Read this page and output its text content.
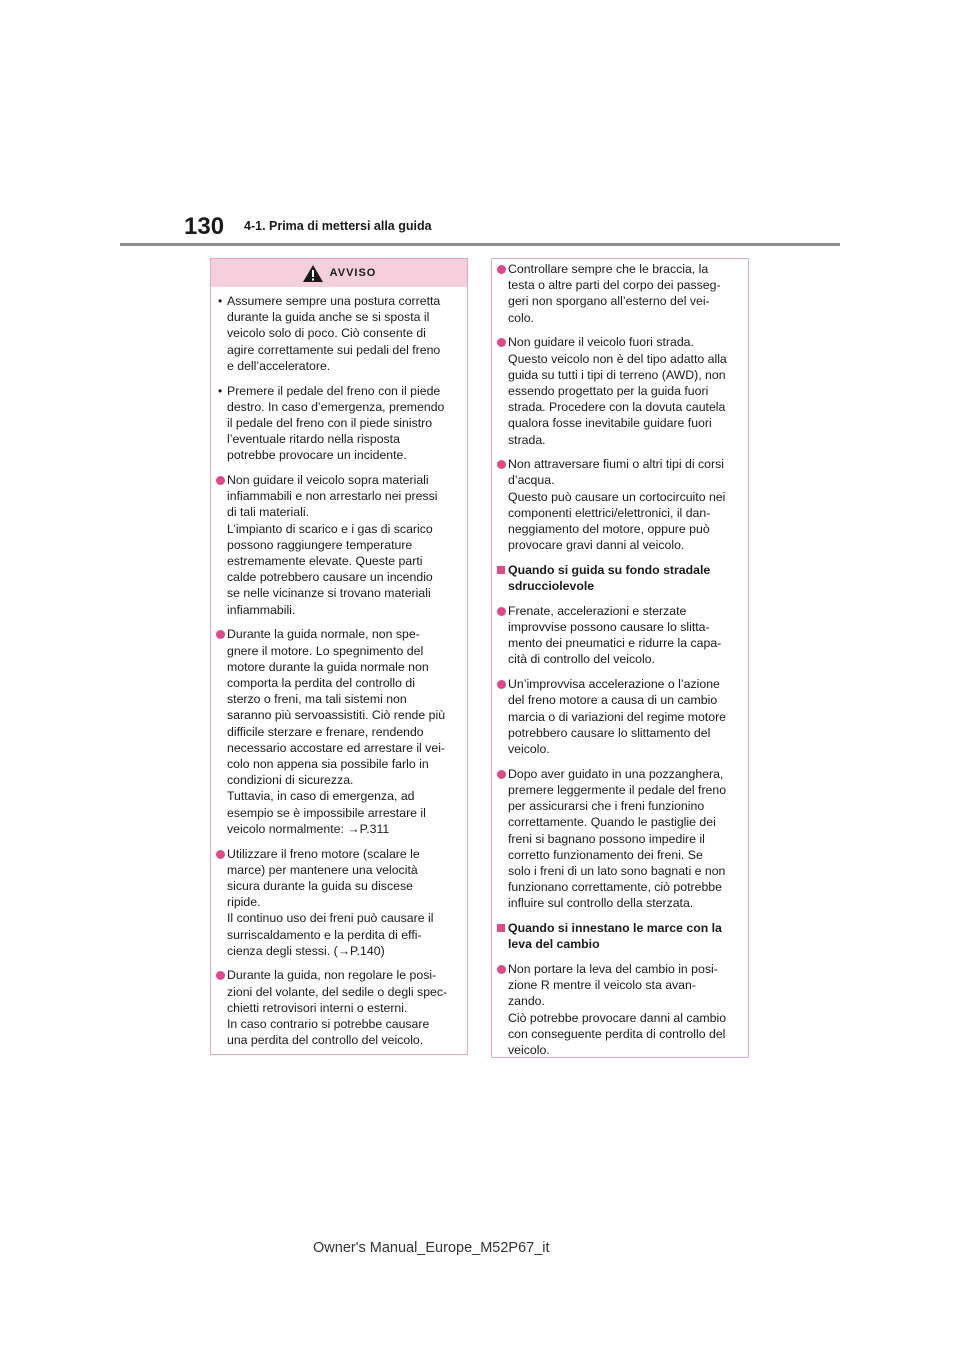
130 4-1. Prima di mettersi alla guida
AVVISO
• Assumere sempre una postura corretta
durante la guida anche se si sposta il
veicolo solo di poco. Ciò consente di
agire correttamente sui pedali del freno
e dell’acceleratore.
• Premere il pedale del freno con il piede
destro. In caso d’emergenza, premendo
il pedale del freno con il piede sinistro
l’eventuale ritardo nella risposta
potrebbe provocare un incidente.
Non guidare il veicolo sopra materiali
infiammabili e non arrestarlo nei pressi
di tali materiali.
L’impianto di scarico e i gas di scarico
possono raggiungere temperature
estremamente elevate. Queste parti
calde potrebbero causare un incendio
se nelle vicinanze si trovano materiali
infiammabili.
Durante la guida normale, non spe-
gnere il motore. Lo spegnimento del
motore durante la guida normale non
comporta la perdita del controllo di
sterzo o freni, ma tali sistemi non
saranno più servoassistiti. Ciò rende più
difficile sterzare e frenare, rendendo
necessario accostare ed arrestare il vei-
colo non appena sia possibile farlo in
condizioni di sicurezza.
Tuttavia, in caso di emergenza, ad
esempio se è impossibile arrestare il
veicolo normalmente: →P.311
Utilizzare il freno motore (scalare le
marce) per mantenere una velocità
sicura durante la guida su discese
ripide.
Il continuo uso dei freni può causare il
surriscaldamento e la perdita di effi-
cienza degli stessi. (→P.140)
Durante la guida, non regolare le posi-
zioni del volante, del sedile o degli spec-
chietti retrovisori interni o esterni.
In caso contrario si potrebbe causare
una perdita del controllo del veicolo.
Controllare sempre che le braccia, la
testa o altre parti del corpo dei passeg-
geri non sporgano all’esterno del vei-
colo.
Non guidare il veicolo fuori strada.
Questo veicolo non è del tipo adatto alla
guida su tutti i tipi di terreno (AWD), non
essendo progettato per la guida fuori
strada. Procedere con la dovuta cautela
qualora fosse inevitabile guidare fuori
strada.
Non attraversare fiumi o altri tipi di corsi
d’acqua.
Questo può causare un cortocircuito nei
componenti elettrici/elettronici, il dan-
neggiamento del motore, oppure può
provocare gravi danni al veicolo.
Quando si guida su fondo stradale
sdrucciolevole
Frenate, accelerazioni e sterzate
improvvise possono causare lo slitta-
mento dei pneumatici e ridurre la capa-
cità di controllo del veicolo.
Un’improvvisa accelerazione o l’azione
del freno motore a causa di un cambio
marcia o di variazioni del regime motore
potrebbero causare lo slittamento del
veicolo.
Dopo aver guidato in una pozzanghera,
premere leggermente il pedale del freno
per assicurarsi che i freni funzionino
correttamente. Quando le pastiglie dei
freni si bagnano possono impedire il
corretto funzionamento dei freni. Se
solo i freni di un lato sono bagnati e non
funzionano correttamente, ciò potrebbe
influire sul controllo della sterzata.
Quando si innestano le marce con la
leva del cambio
Non portare la leva del cambio in posi-
zione R mentre il veicolo sta avan-
zando.
Ciò potrebbe provocare danni al cambio
con conseguente perdita di controllo del
veicolo.
Owner's Manual_Europe_M52P67_it
